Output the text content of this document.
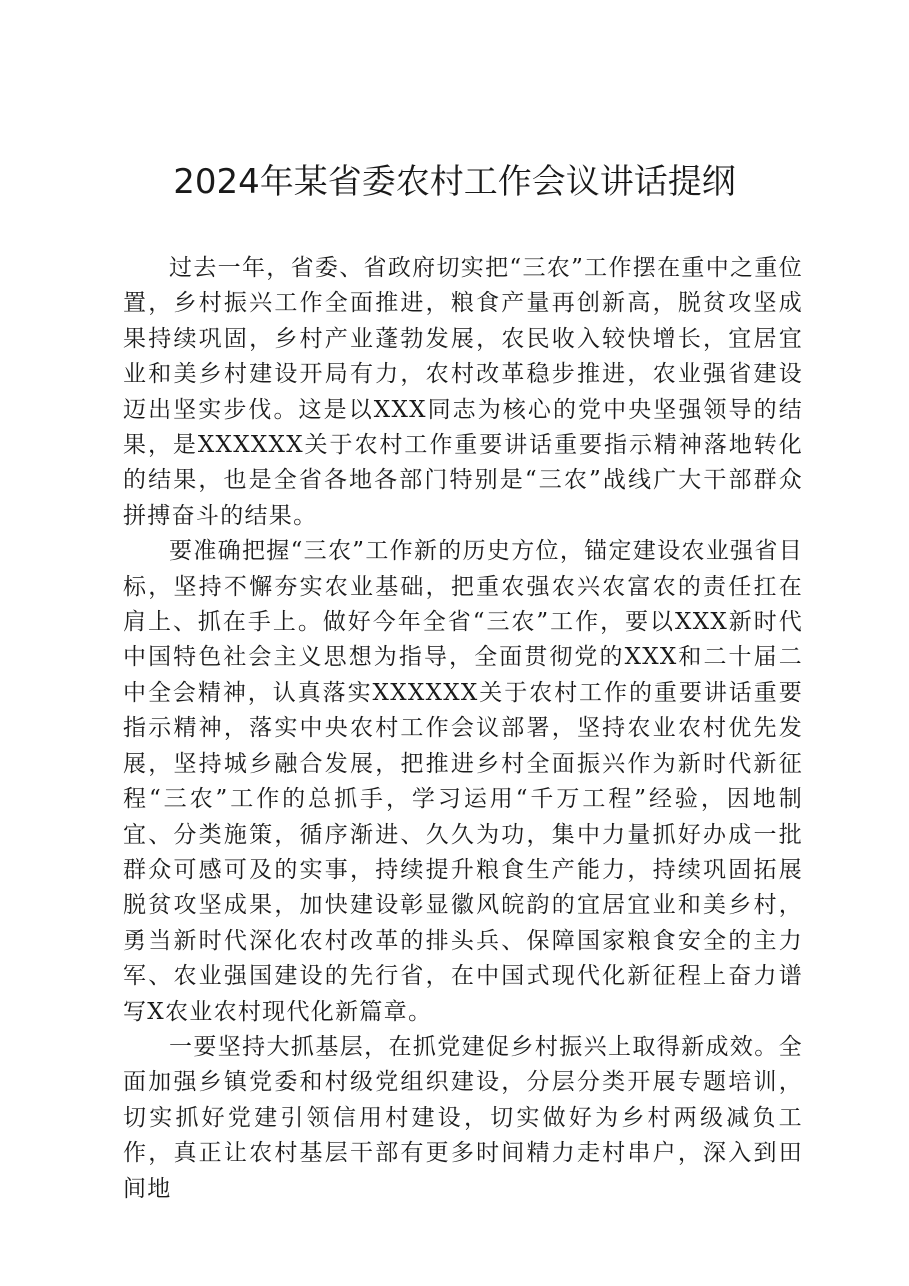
2024年某省委农村工作会议讲话提纲

过去一年，省委、省政府切实把“三农”工作摆在重中之重位置，乡村振兴工作全面推进，粮食产量再创新高，脱贫攻坚成果持续巩固，乡村产业蓬勃发展，农民收入较快增长，宜居宜业和美乡村建设开局有力，农村改革稳步推进，农业强省建设迈出坚实步伐。这是以XXX同志为核心的党中央坚强领导的结果，是XXXXXX关于农村工作重要讲话重要指示精神落地转化的结果，也是全省各地各部门特别是“三农”战线广大干部群众拼搏奋斗的结果。

要准确把握“三农”工作新的历史方位，锚定建设农业强省目标，坚持不懈夯实农业基础，把重农强农兴农富农的责任扛在肩上、抓在手上。做好今年全省“三农”工作，要以XXX新时代中国特色社会主义思想为指导，全面贯彻党的XXX和二十届二中全会精神，认真落实XXXXXX关于农村工作的重要讲话重要指示精神，落实中央农村工作会议部署，坚持农业农村优先发展，坚持城乡融合发展，把推进乡村全面振兴作为新时代新征程“三农”工作的总抓手，学习运用“千万工程”经验，因地制宜、分类施策，循序渐进、久久为功，集中力量抓好办成一批群众可感可及的实事，持续提升粮食生产能力，持续巩固拓展脱贫攻坚成果，加快建设彰显徽风皖韵的宜居宜业和美乡村，勇当新时代深化农村改革的排头兵、保障国家粮食安全的主力军、农业强国建设的先行省，在中国式现代化新征程上奋力谱写X农业农村现代化新篇章。

一要坚持大抓基层，在抓党建促乡村振兴上取得新成效。全面加强乡镇党委和村级党组织建设，分层分类开展专题培训，切实抓好党建引领信用村建设，切实做好为乡村两级减负工作，真正让农村基层干部有更多时间精力走村串户，深入到田间地
